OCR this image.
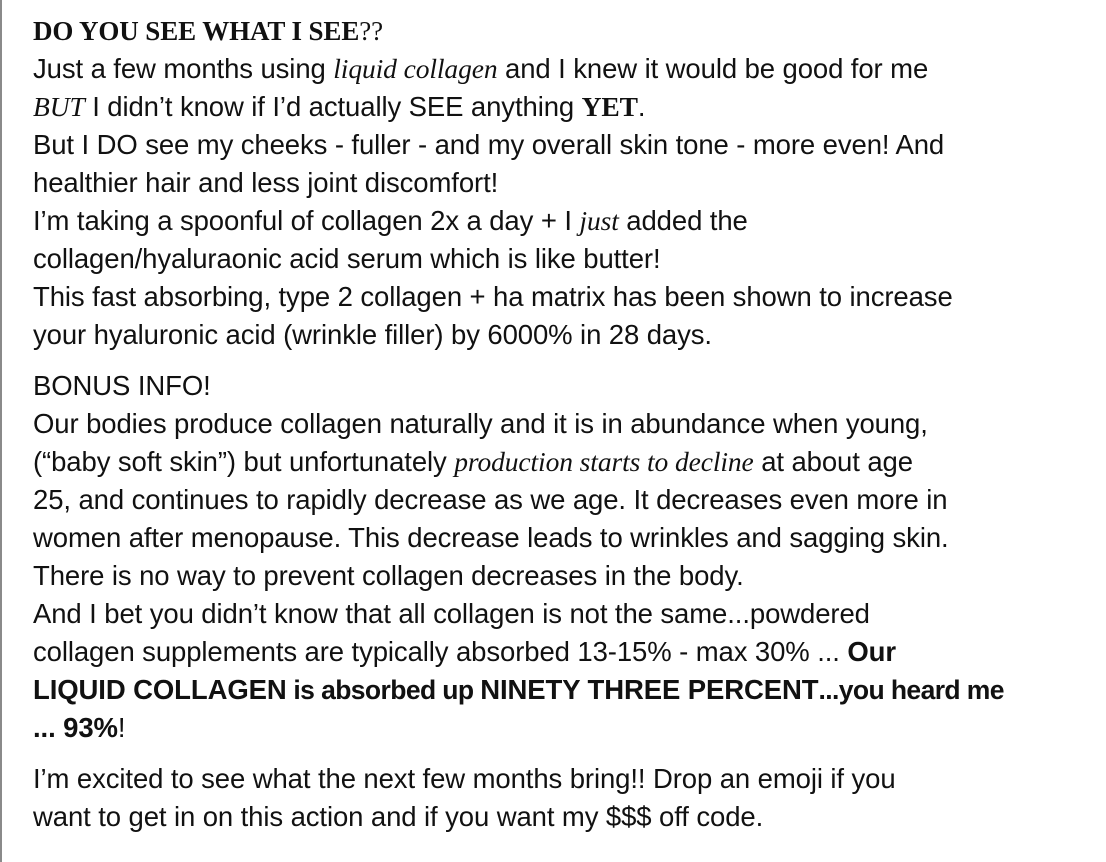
DO YOU SEE WHAT I SEE??
Just a few months using liquid collagen and I knew it would be good for me
BUT I didn’t know if I’d actually SEE anything YET.
But I DO see my cheeks - fuller - and my overall skin tone - more even! And
healthier hair and less joint discomfort!
I’m taking a spoonful of collagen 2x a day + I just added the
collagen/hyaluraonic acid serum which is like butter!
This fast absorbing, type 2 collagen + ha matrix has been shown to increase
your hyaluronic acid (wrinkle filler) by 6000% in 28 days.
BONUS INFO!
Our bodies produce collagen naturally and it is in abundance when young,
(“baby soft skin”) but unfortunately production starts to decline at about age
25, and continues to rapidly decrease as we age. It decreases even more in
women after menopause. This decrease leads to wrinkles and sagging skin.
There is no way to prevent collagen decreases in the body.
And I bet you didn’t know that all collagen is not the same...powdered
collagen supplements are typically absorbed 13-15% - max 30% ... Our
LIQUID COLLAGEN is absorbed up NINETY THREE PERCENT...you heard me
... 93%!
I’m excited to see what the next few months bring!! Drop an emoji if you
want to get in on this action and if you want my $$$ off code.
